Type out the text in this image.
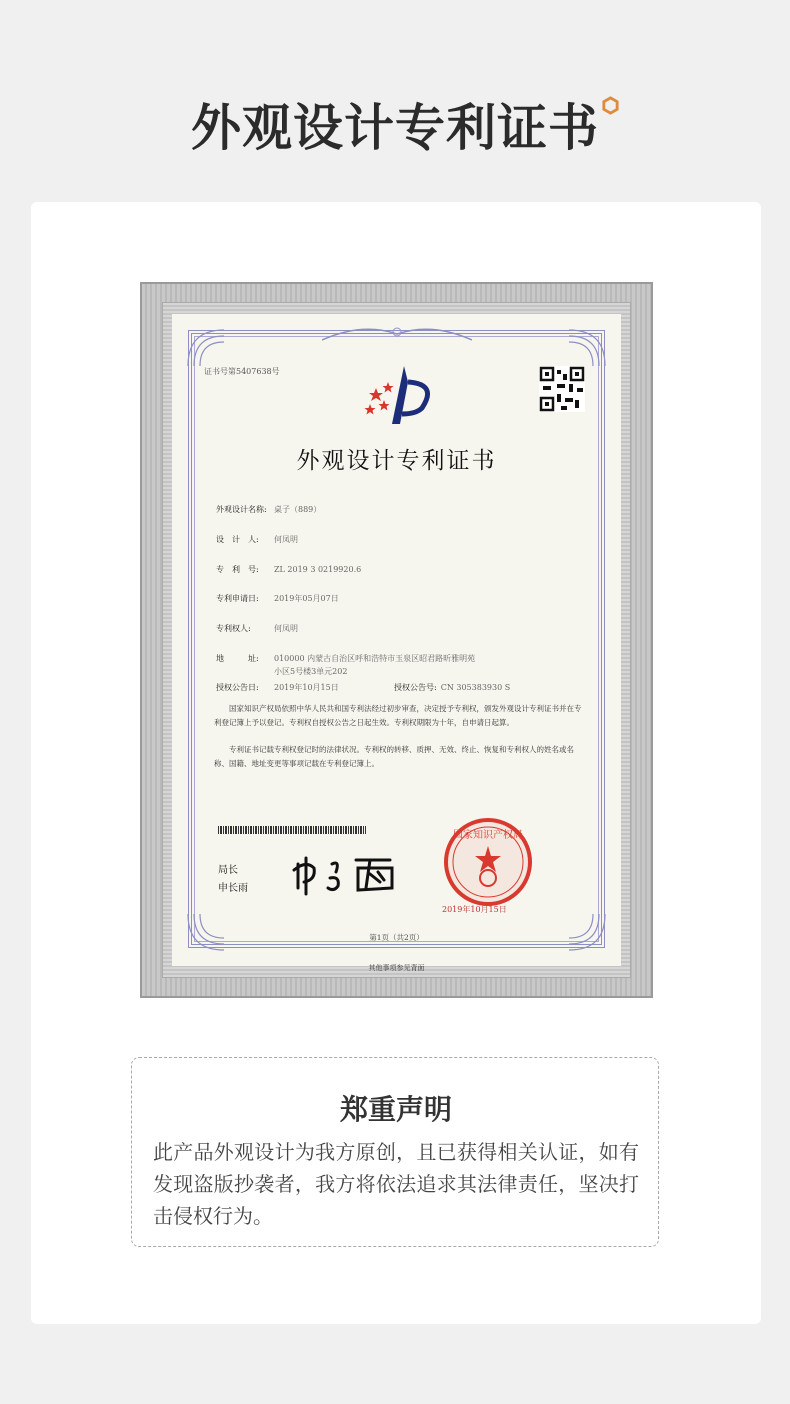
外观设计专利证书
证书号第5407638号
外观设计专利证书
外观设计名称: 桌子（889）
设　计　人: 何凤明
专　利　号: ZL 2019 3 0219920.6
专利申请日: 2019年05月07日
专利权人:	何凤明
地　　　址: 010000 内蒙古自治区呼和浩特市玉泉区昭君路昕雅明苑
小区5号楼3单元202
授权公告日: 2019年10月15日	授权公告号: CN 305383930 S
国家知识产权局依照中华人民共和国专利法经过初步审查，决定授予专利权，颁发外观设计专利证书并在专利登记簿上予以登记。专利权自授权公告之日起生效。专利权期限为十年，自申请日起算。
专利证书记载专利权登记时的法律状况。专利权的转移、质押、无效、终止、恢复和专利权人的姓名或名称、国籍、地址变更等事项记载在专利登记簿上。
局长
申长雨
国家知识产权局
2019年10月15日
第1页（共2页）
其他事项参见背面
郑重声明
此产品外观设计为我方原创，且已获得相关认证，如有发现盗版抄袭者，我方将依法追求其法律责任，坚决打击侵权行为。
